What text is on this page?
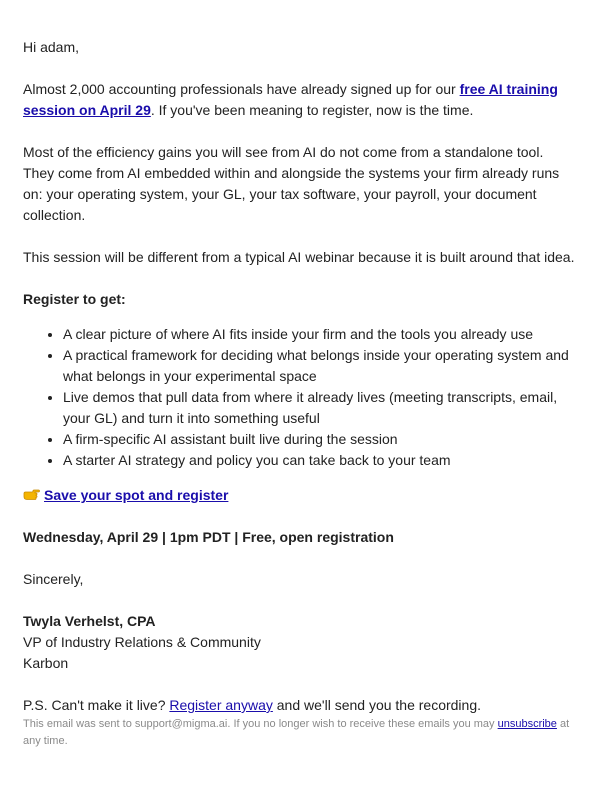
Hi adam,

Almost 2,000 accounting professionals have already signed up for our free AI training session on April 29. If you've been meaning to register, now is the time.

Most of the efficiency gains you will see from AI do not come from a standalone tool. They come from AI embedded within and alongside the systems your firm already runs on: your operating system, your GL, your tax software, your payroll, your document collection.

This session will be different from a typical AI webinar because it is built around that idea.

Register to get:

• A clear picture of where AI fits inside your firm and the tools you already use
• A practical framework for deciding what belongs inside your operating system and what belongs in your experimental space
• Live demos that pull data from where it already lives (meeting transcripts, email, your GL) and turn it into something useful
• A firm-specific AI assistant built live during the session
• A starter AI strategy and policy you can take back to your team

Save your spot and register

Wednesday, April 29 | 1pm PDT | Free, open registration

Sincerely,

Twyla Verhelst, CPA

VP of Industry Relations & Community

Karbon

P.S. Can't make it live? Register anyway and we'll send you the recording.

This email was sent to support@migma.ai. If you no longer wish to receive these emails you may unsubscribe at any time.
